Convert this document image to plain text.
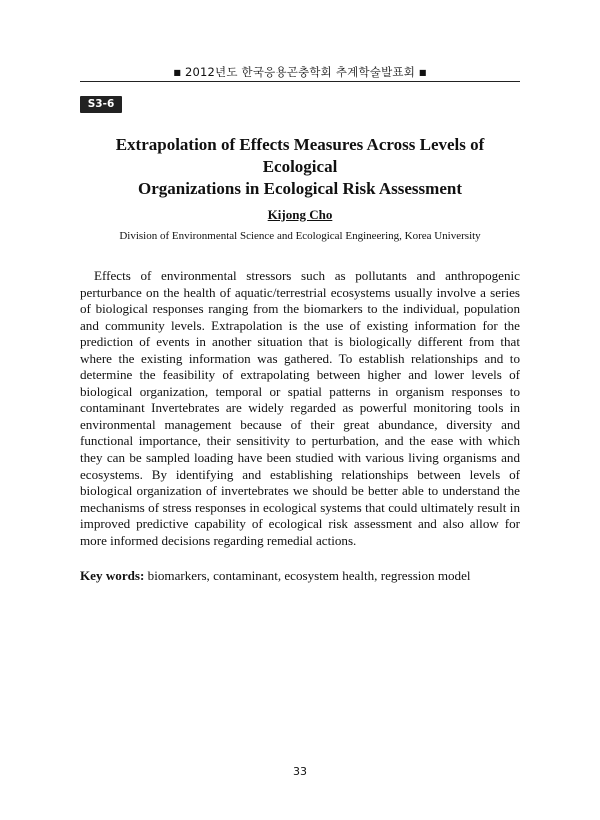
■ 2012년도 한국응용곤충학회 추계학술발표회 ■
S3-6
Extrapolation of Effects Measures Across Levels of Ecological
Organizations in Ecological Risk Assessment
Kijong Cho
Division of Environmental Science and Ecological Engineering, Korea University

Effects of environmental stressors such as pollutants and anthropogenic perturbance on the health of aquatic/terrestrial ecosystems usually involve a series of biological responses ranging from the biomarkers to the individual, population and community levels. Extrapolation is the use of existing information for the prediction of events in another situation that is biologically different from that where the existing information was gathered. To establish relationships and to determine the feasibility of extrapolating between higher and lower levels of biological organization, temporal or spatial patterns in organism responses to contaminant Invertebrates are widely regarded as powerful monitoring tools in environmental management because of their great abundance, diversity and functional importance, their sensitivity to perturbation, and the ease with which they can be sampled loading have been studied with various living organisms and ecosystems. By identifying and establishing relationships between levels of biological organization of invertebrates we should be better able to understand the mechanisms of stress responses in ecological systems that could ultimately result in improved predictive capability of ecological risk assessment and also allow for more informed decisions regarding remedial actions.

Key words: biomarkers, contaminant, ecosystem health, regression model

33
